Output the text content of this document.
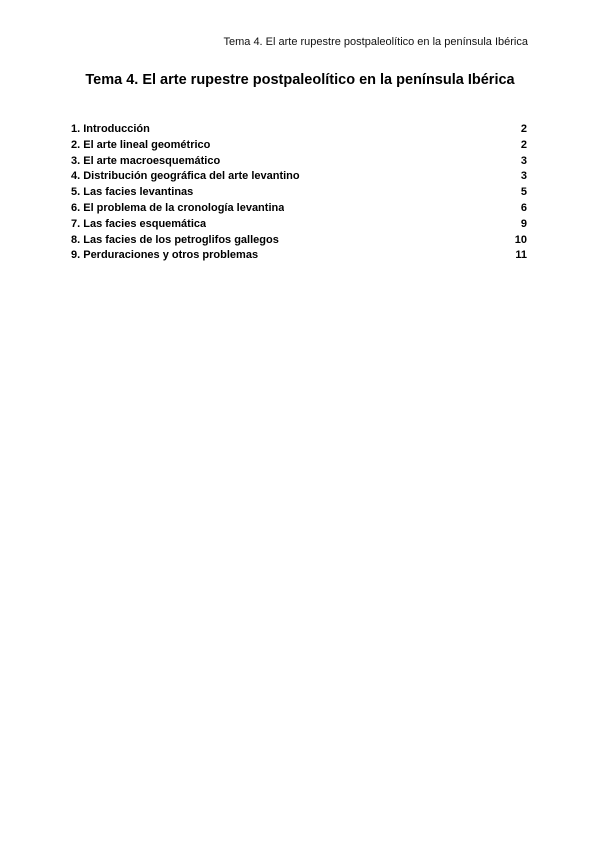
Tema 4. El arte rupestre postpaleolítico en la península Ibérica
Tema 4. El arte rupestre postpaleolítico en la península Ibérica
1. Introducción	2
2. El arte lineal geométrico	2
3. El arte macroesquemático	3
4. Distribución geográfica del arte levantino	3
5. Las facies levantinas	5
6. El problema de la cronología levantina	6
7. Las facies esquemática	9
8. Las facies de los petroglifos gallegos	10
9. Perduraciones y otros problemas	11
